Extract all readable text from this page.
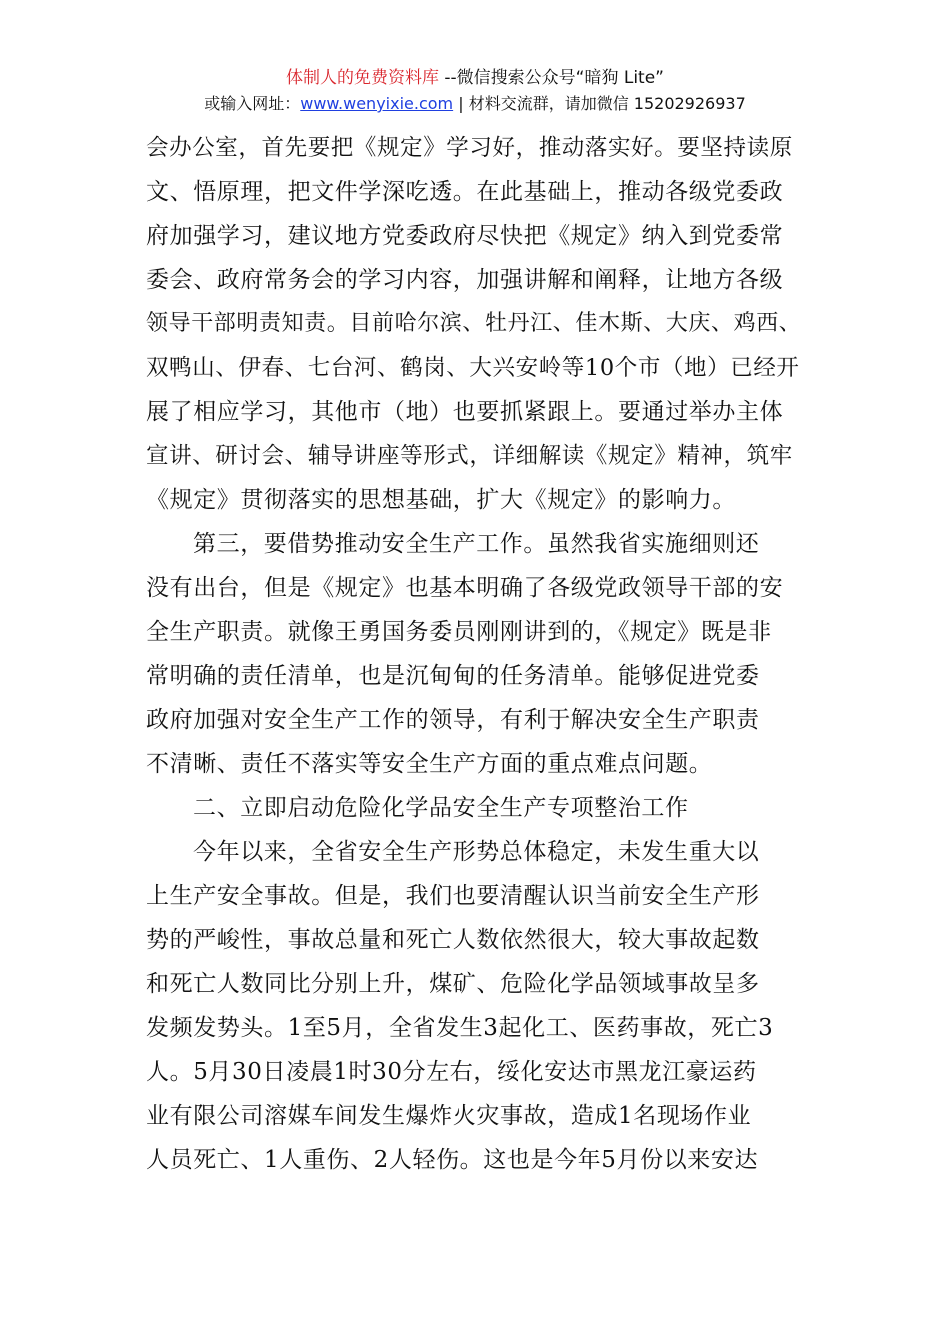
体制人的免费资料库 --微信搜索公众号“暗狗 Lite”
或输入网址：www.wenyixie.com | 材料交流群，请加微信 15202926937
会办公室，首先要把《规定》学习好，推动落实好。要坚持读原
文、悟原理，把文件学深吃透。在此基础上，推动各级党委政
府加强学习，建议地方党委政府尽快把《规定》纳入到党委常
委会、政府常务会的学习内容，加强讲解和阐释，让地方各级
领导干部明责知责。目前哈尔滨、牡丹江、佳木斯、大庆、鸡西、
双鸭山、伊春、七台河、鹤岗、大兴安岭等10个市（地）已经开
展了相应学习，其他市（地）也要抓紧跟上。要通过举办主体
宣讲、研讨会、辅导讲座等形式，详细解读《规定》精神，筑牢
《规定》贯彻落实的思想基础，扩大《规定》的影响力。
第三，要借势推动安全生产工作。虽然我省实施细则还
没有出台，但是《规定》也基本明确了各级党政领导干部的安
全生产职责。就像王勇国务委员刚刚讲到的，《规定》既是非
常明确的责任清单，也是沉甸甸的任务清单。能够促进党委
政府加强对安全生产工作的领导，有利于解决安全生产职责
不清晰、责任不落实等安全生产方面的重点难点问题。
二、立即启动危险化学品安全生产专项整治工作
今年以来，全省安全生产形势总体稳定，未发生重大以
上生产安全事故。但是，我们也要清醒认识当前安全生产形
势的严峻性，事故总量和死亡人数依然很大，较大事故起数
和死亡人数同比分别上升，煤矿、危险化学品领域事故呈多
发频发势头。1至5月，全省发生3起化工、医药事故，死亡3
人。5月30日凌晨1时30分左右，绥化安达市黑龙江豪运药
业有限公司溶媒车间发生爆炸火灾事故，造成1名现场作业
人员死亡、1人重伤、2人轻伤。这也是今年5月份以来安达
